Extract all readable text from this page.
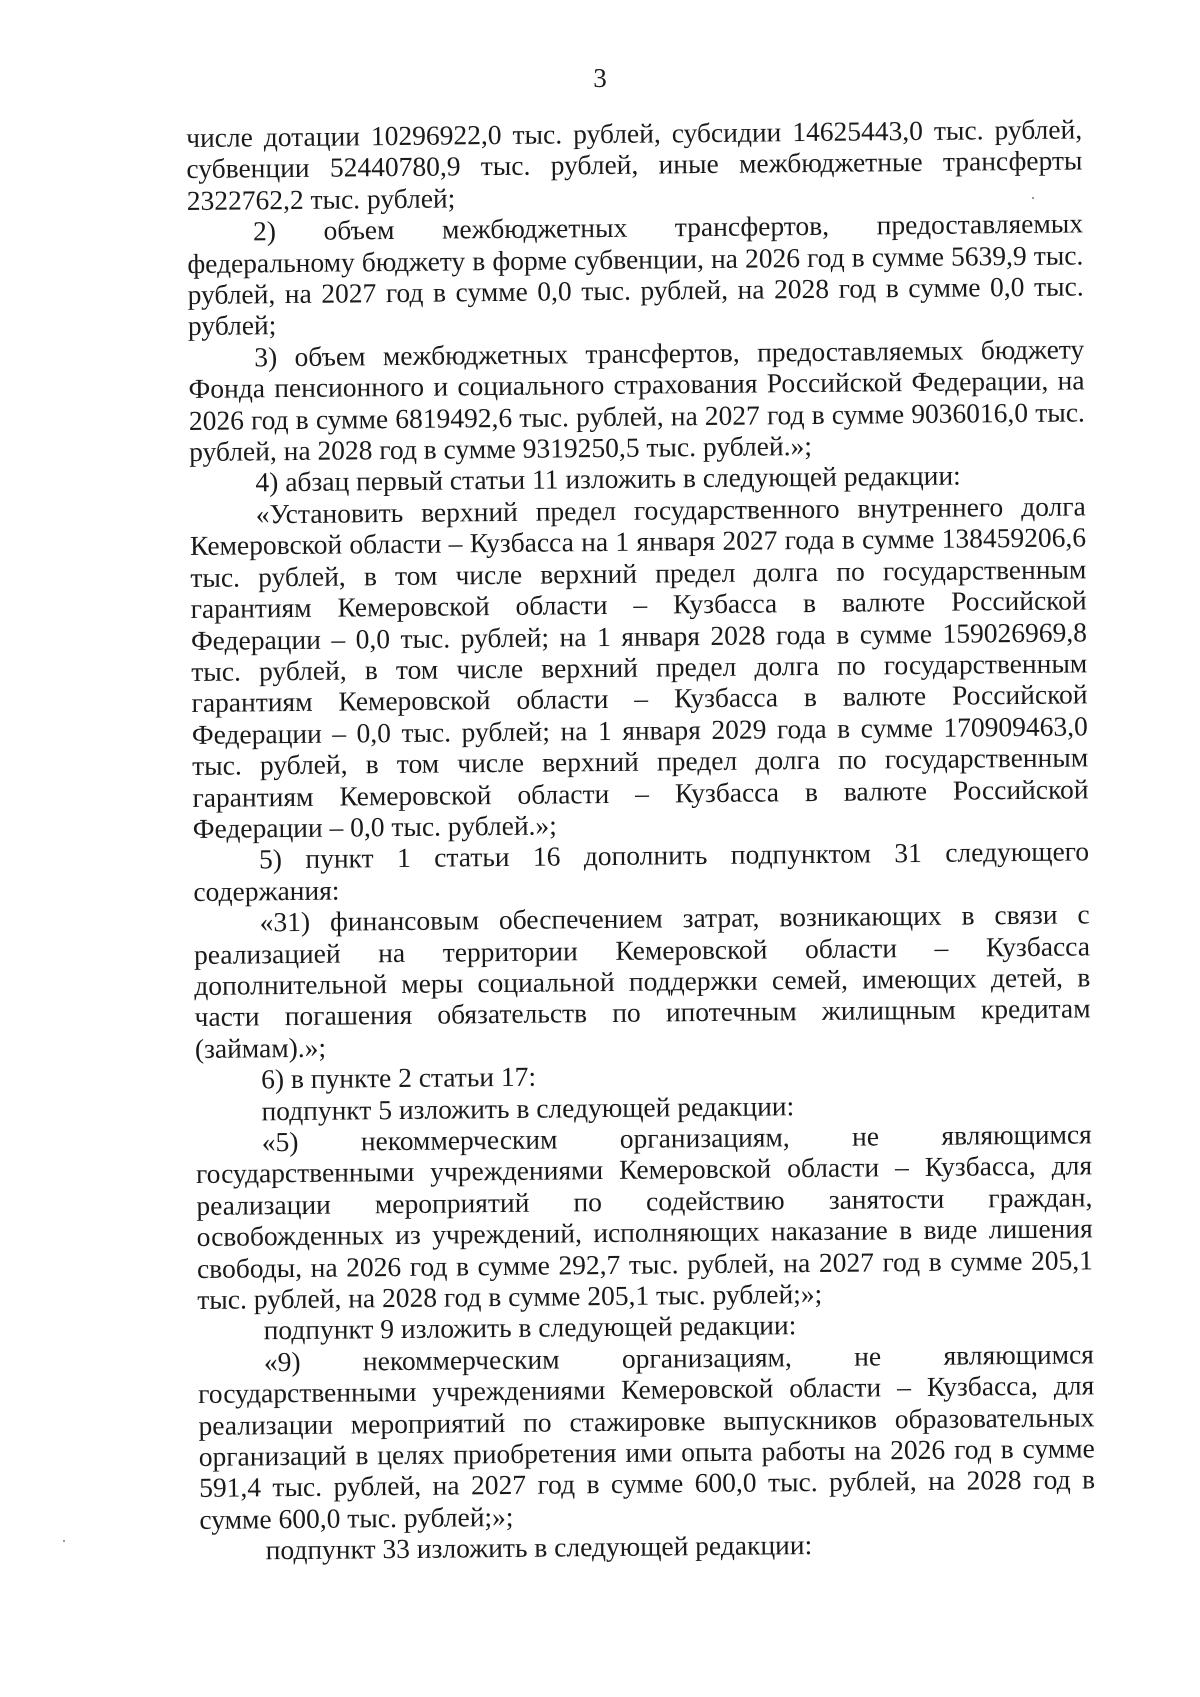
3

числе дотации 10296922,0 тыс. рублей, субсидии 14625443,0 тыс. рублей, субвенции 52440780,9 тыс. рублей, иные межбюджетные трансферты 2322762,2 тыс. рублей;

2) объем межбюджетных трансфертов, предоставляемых федеральному бюджету в форме субвенции, на 2026 год в сумме 5639,9 тыс. рублей, на 2027 год в сумме 0,0 тыс. рублей, на 2028 год в сумме 0,0 тыс. рублей;

3) объем межбюджетных трансфертов, предоставляемых бюджету Фонда пенсионного и социального страхования Российской Федерации, на 2026 год в сумме 6819492,6 тыс. рублей, на 2027 год в сумме 9036016,0 тыс. рублей, на 2028 год в сумме 9319250,5 тыс. рублей.»;

4) абзац первый статьи 11 изложить в следующей редакции:

«Установить верхний предел государственного внутреннего долга Кемеровской области – Кузбасса на 1 января 2027 года в сумме 138459206,6 тыс. рублей, в том числе верхний предел долга по государственным гарантиям Кемеровской области – Кузбасса в валюте Российской Федерации – 0,0 тыс. рублей; на 1 января 2028 года в сумме 159026969,8 тыс. рублей, в том числе верхний предел долга по государственным гарантиям Кемеровской области – Кузбасса в валюте Российской Федерации – 0,0 тыс. рублей; на 1 января 2029 года в сумме 170909463,0 тыс. рублей, в том числе верхний предел долга по государственным гарантиям Кемеровской области – Кузбасса в валюте Российской Федерации – 0,0 тыс. рублей.»;

5) пункт 1 статьи 16 дополнить подпунктом 31 следующего содержания:

«31) финансовым обеспечением затрат, возникающих в связи с реализацией на территории Кемеровской области – Кузбасса дополнительной меры социальной поддержки семей, имеющих детей, в части погашения обязательств по ипотечным жилищным кредитам (займам).»;

6) в пункте 2 статьи 17:

подпункт 5 изложить в следующей редакции:

«5) некоммерческим организациям, не являющимся государственными учреждениями Кемеровской области – Кузбасса, для реализации мероприятий по содействию занятости граждан, освобожденных из учреждений, исполняющих наказание в виде лишения свободы, на 2026 год в сумме 292,7 тыс. рублей, на 2027 год в сумме 205,1 тыс. рублей, на 2028 год в сумме 205,1 тыс. рублей;»;

подпункт 9 изложить в следующей редакции:

«9) некоммерческим организациям, не являющимся государственными учреждениями Кемеровской области – Кузбасса, для реализации мероприятий по стажировке выпускников образовательных организаций в целях приобретения ими опыта работы на 2026 год в сумме 591,4 тыс. рублей, на 2027 год в сумме 600,0 тыс. рублей, на 2028 год в сумме 600,0 тыс. рублей;»;

подпункт 33 изложить в следующей редакции:
